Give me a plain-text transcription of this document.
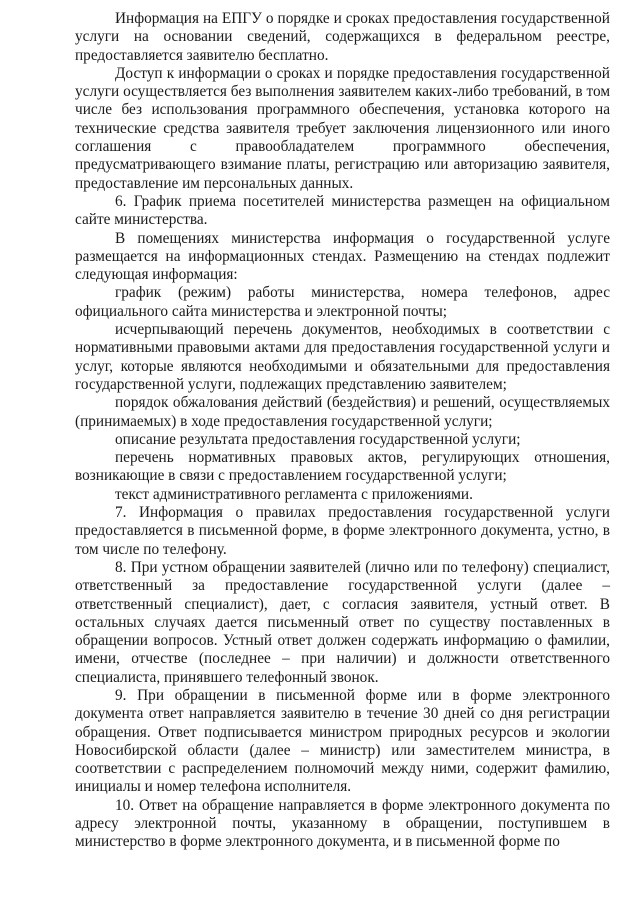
Информация на ЕПГУ о порядке и сроках предоставления государственной услуги на основании сведений, содержащихся в федеральном реестре, предоставляется заявителю бесплатно.

Доступ к информации о сроках и порядке предоставления государственной услуги осуществляется без выполнения заявителем каких-либо требований, в том числе без использования программного обеспечения, установка которого на технические средства заявителя требует заключения лицензионного или иного соглашения с правообладателем программного обеспечения, предусматривающего взимание платы, регистрацию или авторизацию заявителя, предоставление им персональных данных.

6. График приема посетителей министерства размещен на официальном сайте министерства.

В помещениях министерства информация о государственной услуге размещается на информационных стендах. Размещению на стендах подлежит следующая информация:

график (режим) работы министерства, номера телефонов, адрес официального сайта министерства и электронной почты;

исчерпывающий перечень документов, необходимых в соответствии с нормативными правовыми актами для предоставления государственной услуги и услуг, которые являются необходимыми и обязательными для предоставления государственной услуги, подлежащих представлению заявителем;

порядок обжалования действий (бездействия) и решений, осуществляемых (принимаемых) в ходе предоставления государственной услуги;

описание результата предоставления государственной услуги;

перечень нормативных правовых актов, регулирующих отношения, возникающие в связи с предоставлением государственной услуги;

текст административного регламента с приложениями.

7. Информация о правилах предоставления государственной услуги предоставляется в письменной форме, в форме электронного документа, устно, в том числе по телефону.

8. При устном обращении заявителей (лично или по телефону) специалист, ответственный за предоставление государственной услуги (далее – ответственный специалист), дает, с согласия заявителя, устный ответ. В остальных случаях дается письменный ответ по существу поставленных в обращении вопросов. Устный ответ должен содержать информацию о фамилии, имени, отчестве (последнее – при наличии) и должности ответственного специалиста, принявшего телефонный звонок.

9. При обращении в письменной форме или в форме электронного документа ответ направляется заявителю в течение 30 дней со дня регистрации обращения. Ответ подписывается министром природных ресурсов и экологии Новосибирской области (далее – министр) или заместителем министра, в соответствии с распределением полномочий между ними, содержит фамилию, инициалы и номер телефона исполнителя.

10. Ответ на обращение направляется в форме электронного документа по адресу электронной почты, указанному в обращении, поступившем в министерство в форме электронного документа, и в письменной форме по
